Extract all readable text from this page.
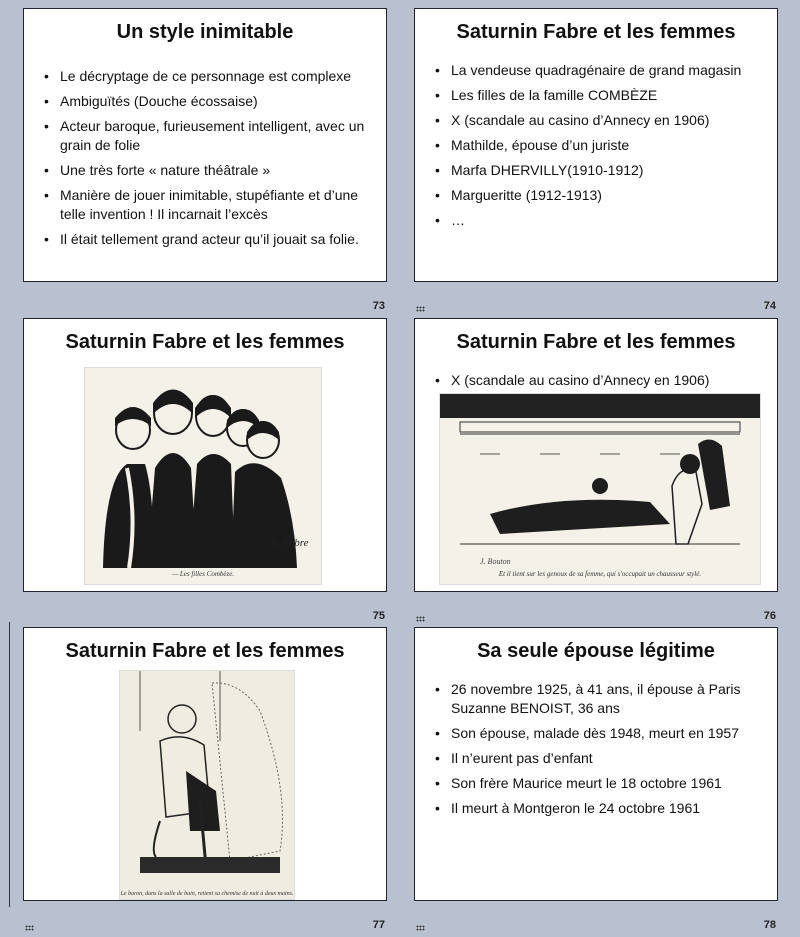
Un style inimitable
• Le décryptage de ce personnage est complexe
• Ambiguïtés (Douche écossaise)
• Acteur baroque, furieusement intelligent, avec un grain de folie
• Une très forte « nature théâtrale »
• Manière de jouer inimitable, stupéfiante et d’une telle invention ! Il incarnait l’excès
• Il était tellement grand acteur qu’il jouait sa folie.
73
Saturnin Fabre et les femmes
• La vendeuse quadragénaire de grand magasin
• Les filles de la famille COMBÈZE
• X (scandale au casino d’Annecy en 1906)
• Mathilde, épouse d’un juriste
• Marfa DHERVILLY(1910-1912)
• Margueritte (1912-1913)
• …
74
Saturnin Fabre et les femmes
S. Fabre
— Les filles Combèze.
75
Saturnin Fabre et les femmes
• X (scandale au casino d’Annecy en 1906)
J. Bouton
Et il tient sur les genoux de sa femme, qui s'occupait un chausseur stylé.
76
Saturnin Fabre et les femmes
Le baron, dans la salle de bain, retient sa chemise de nuit à deux mains.
77
Sa seule épouse légitime
• 26 novembre 1925, à 41 ans, il épouse à Paris Suzanne BENOIST, 36 ans
• Son épouse, malade dès 1948, meurt en 1957
• Il n’eurent pas d’enfant
• Son frère Maurice meurt le 18 octobre 1961
• Il meurt à Montgeron le 24 octobre 1961
78
